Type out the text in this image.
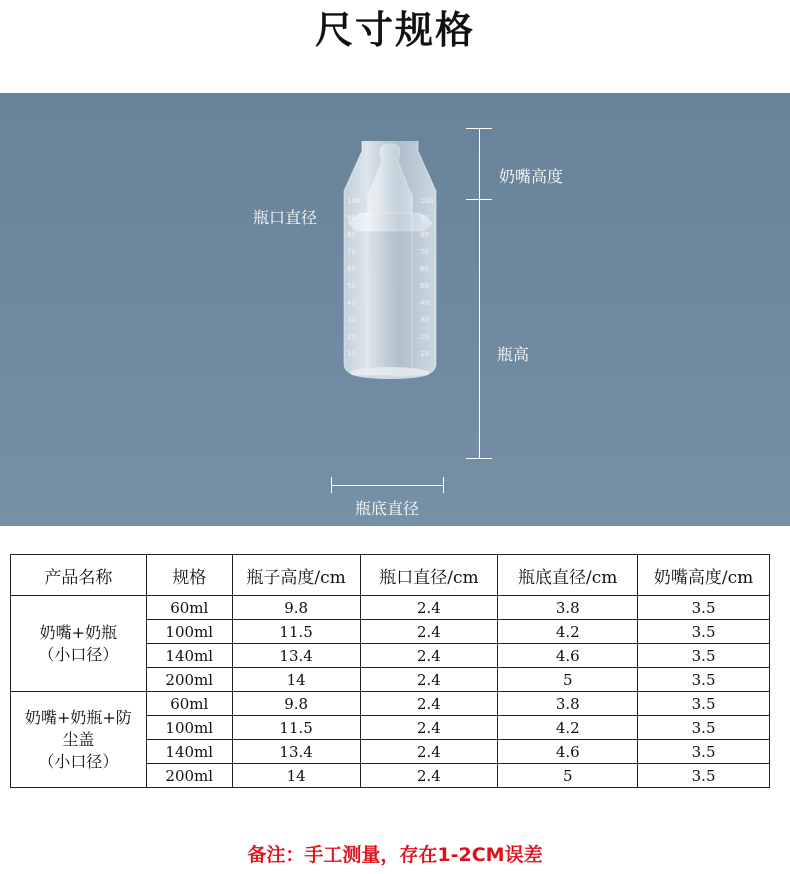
尺寸规格
奶嘴高度
瓶高
瓶口直径
瓶底直径
100
90
80
70
60
50
40
30
20
10
100
90
80
70
60
50
40
30
20
10
产品名称	规格	瓶子高度/cm	瓶口直径/cm	瓶底直径/cm	奶嘴高度/cm

奶嘴+奶瓶
（小口径）	60ml	9.8	2.4	3.8	3.5
	100ml	11.5	2.4	4.2	3.5
	140ml	13.4	2.4	4.6	3.5
	200ml	14	2.4	5	3.5

奶嘴+奶瓶+防
尘盖
（小口径）	60ml	9.8	2.4	3.8	3.5
	100ml	11.5	2.4	4.2	3.5
	140ml	13.4	2.4	4.6	3.5
	200ml	14	2.4	5	3.5
备注：手工测量，存在1-2CM误差
